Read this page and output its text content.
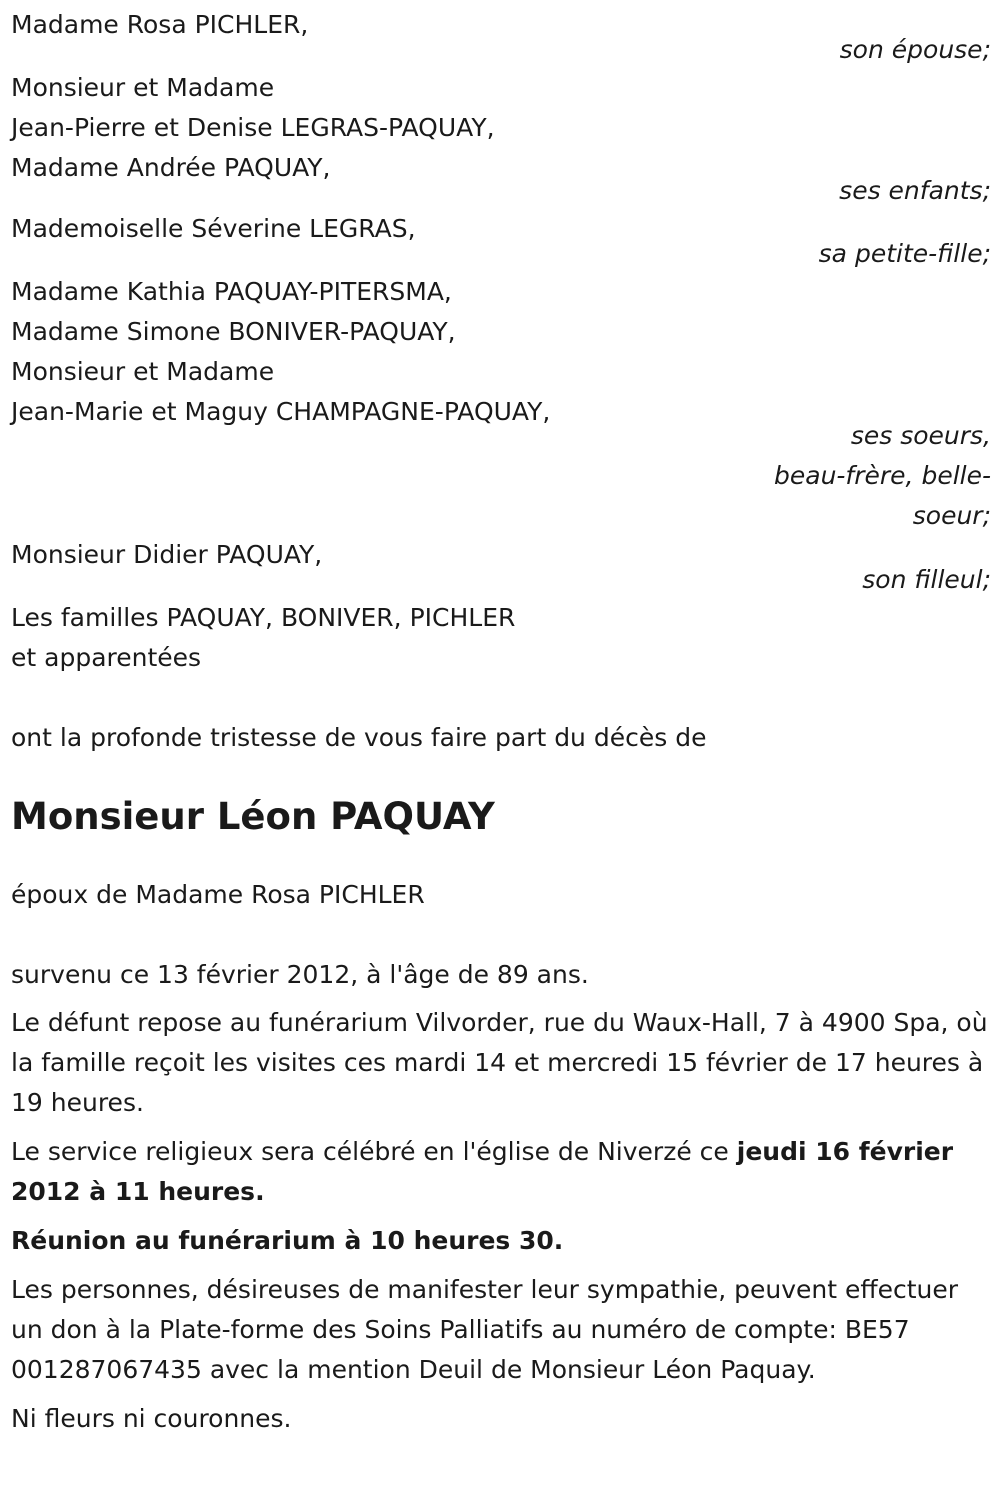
Madame Rosa PICHLER,
son épouse;
Monsieur et Madame
Jean-Pierre et Denise LEGRAS-PAQUAY,
Madame Andrée PAQUAY,
ses enfants;
Mademoiselle Séverine LEGRAS,
sa petite-fille;
Madame Kathia PAQUAY-PITERSMA,
Madame Simone BONIVER-PAQUAY,
Monsieur et Madame
Jean-Marie et Maguy CHAMPAGNE-PAQUAY,
ses soeurs,
beau-frère, belle-
soeur;
Monsieur Didier PAQUAY,
son filleul;
Les familles PAQUAY, BONIVER, PICHLER
et apparentées
ont la profonde tristesse de vous faire part du décès de
Monsieur Léon PAQUAY
époux de Madame Rosa PICHLER
survenu ce 13 février 2012, à l'âge de 89 ans.
Le défunt repose au funérarium Vilvorder, rue du Waux-Hall, 7 à 4900 Spa, où la famille reçoit les visites ces mardi 14 et mercredi 15 février de 17 heures à 19 heures.
Le service religieux sera célébré en l'église de Niverzé ce jeudi 16 février 2012 à 11 heures.
Réunion au funérarium à 10 heures 30.
Les personnes, désireuses de manifester leur sympathie, peuvent effectuer un don à la Plate-forme des Soins Palliatifs au numéro de compte: BE57 001287067435 avec la mention Deuil de Monsieur Léon Paquay.
Ni fleurs ni couronnes.
